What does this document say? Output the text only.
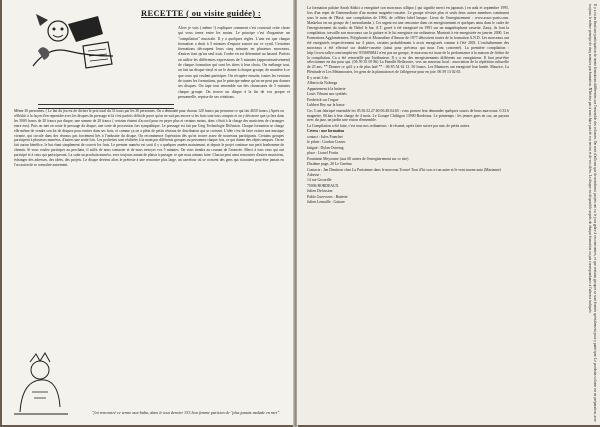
RECETTE ( ou visite guidée) :
Alors je vais ( même !) expliquer comment c'est construit cette chose qui vous tenez entre les mains. Le principe c'est d'organiser un "compilation" musicale. Il y a quelques règles. L'une est que chaque formation a droit à 5 minutes d'espace sonore sur ce vynil. Certaines formations découpent leurs cinq minutes en plusieurs morceaux, d'autres font qu'un seul trait, l'ordre en est déterminé au hasard. Parfois on utilise les différentes expressions de 5 minutes (approximativement) de chaque formation qui sont les titres à leur choix. On mélange tout, on fait un disque vinyl et on le donne à chaque groupe, de manière à ce que ceux qui veulent participer. On récupère ensuite, toutes les versions de toutes les formations, par le principe même qu'on ne peut pas donner ses disques. On tape tout ensemble sur des chaussures de 5 minutes chaque groupe. On trouve un disque à la fin de vos propre et personnelle, reprise de ses créations.
Même 30 personnes. ( Le but du jeu est de diviser le prix total du 33 tours par les 30 personnes. On a demandé pour chacun 120 francs par personne ce qui fait 4650 francs.) Après on réfléchit à la façon d'en reprendre avec les disques du pressage et là c'est parfois difficile parce qu'on ne sait pas encore si les frais sont tous compris et on y découvre que ça fera dans les 5000 francs de 20 francs par disque, une somme de 20 francs ( certains étaient d'accord pour en payer plus et certains moins, donc c'était à la charge des musiciens de s'arranger entre eux). Puis on met en route le pressage du disque, une sorte de procession fort sympathique. Le pressage est fait par Gerg Technologie Diffusion. Chaque formation se charge elle-même de vendre son lot de disques pour rentrer dans ses frais, et comme ça on a plein de petits réseaux de distribution qui se croisent. L'idée c'est de faire exister une musique vivante, qui circule dans des réseaux pas forcément liés à l'industrie du disque. On recommence l'opération dès qu'on trouve assez de nouveaux participants. Certains groupes participent à plusieurs numéros, d'autres une seule fois. Les pochettes sont réalisées à la main par différents groupes ou personnes chaque fois, ce qui donne des objets uniques. On ne fait aucun bénéfice, le but étant simplement de couvrir les frais. Le premier numéro est sorti il y a quelques années maintenant, et depuis le projet continue son petit bonhomme de chemin. Si vous voulez participer au prochain, il suffit de nous contacter et de nous envoyer vos 5 minutes. On vous tiendra au courant de l'avancée. Merci à tous ceux qui ont participé et à ceux qui participeront. La suite au prochain numéro, avec toujours autant de plaisir à partager ce que nous aimons faire. Chacun peut ainsi rencontrer d'autres musiciens, échanger des adresses, des idées, des projets. Le disque devient alors le prétexte à une rencontre plus large, un carrefour où se croisent des gens qui n'auraient peut-être jamais eu l'occasion de se connaître autrement.
"j'ai rencontré ce terme aux-baba, dans le tout dernier 333 bon femme parisien de "plus jamais malade en mer".

La formation palaise Sarah Addict a enregistré son morceaux sillipro ( qui signifie merci en japonais ) en août et septembre 1995, lors d'un repet de l'intermediaire d'un moteur magnéto-cassette. Le groupe n'existe plus et seuls deux autres membres continuent sous le nom de l'Hasé, une compilation de 1996, de célèbre label basque. Lieux de l'enregistrement : www.assoc-paris.com. Maskebar est un groupe de ( mesonlamba ). Cet argent est une rencontre dans cet enregistrement et quelques amis dans le cadre de l'enregistrement du studio de l'hôtel le bar. A.T. gravé à été enregistré en 1991 sur un magnétophone cassette. Zasty, ils font la compilation, travaille son morceaux sur la guitare et le lui enregistre sur ordinateur. Montrait à ete enregistrée en janvier 2000. Les Formations Agglomérantes, Polyphonie et Mousseline d'Amour de 1977 détoscient toutes de la formation A.N.D. Les morceaux ont été enregistrés respectivement sur 4 pistes, certains probablement à avoir enregistrés comme à l'été 2001. L'enchaînement des morceaux a été effectué sur double-cassette (ainsi pour précieux qui nous l'ont concerné). La première compilation : http://www.rallye.com/amphi-tes/ 0556856841 n'est pas un groupe, le morceau est issue de la performance à la maison de fichier de la compilation. Ca a été retravaillé par l'ordinateur. Il y a eu des enregistrements différents sur enregistreur. Il faut peut-être sélectionner en dur pour qui. (06 59 35 05 86) La Famille Bellavoire, vers un nouveau local : association de la répétition culturelle de 25 ans. ** Donner ce qu'il y a de plus laid ** : 06 85 54 62 13. 50 francs. Les Mantores ont enregistré leur bande. Maurice, La Plénitude et Les Métamorates, les gens de la plantation et de l'allégresse pour en joie. 06 59 13 02 65.

Il y avait 3 de :

Alberto da Nobrega

Appartement à la batterie

Louis Vibrant aux synthés

Frederick sur l'orgue

Lubbert Bey sur la basse

Ces 5 ont fabriqué ensemble les 05.56.52.27.60 06.48.04.60 : vous pouvez leur demander quelques soucis de bons morceaux. 0.33.6 magnette, 06.bas à leur charge de 4 mois. Le Groupe Chiftigon 13900 Bordeaux. Le printemps : les jeunes gens en cas, un paysan avec du jazz, un jardin une vision d'ensemble.

La Compilation a été faite, c'est tous nos ordinateurs : le résumé, après faire suivre par une, de petits autres.

Cetera : une formation

contact : Jules Franchet

le pilote : Gordon Gosser

fatigué : Dylan Ostertag

place : Lionel Fortin

Fountaine Meyronne (aux 60 autres de l'enregistrement sur ce site)

Dixième page, 20 Le Cinéma

Contacts : Jen Dimitron chez La Parisienne dans le morceau Trouvé Tout d'Ici son cri un autre et le vent tourne auto (Marianne)

Adresse :

14 rue Groseille

75006 BORDEAUX

Julien Defossion

Pablo Guervoses : Batterie

Julien Lemaille : Guitare	Il y a eu au final une participation de trente formations différentes sur l'ensemble des volumes. On note d'ailleurs que de nombreux projets ont vu le jour grâce à ces rencontres, et que certains groupes se sont formés spécialement pour y participer. Le prochain volume est en préparation, avec toujours le même principe de cinq minutes par formation. N'hésitez pas à nous faire part de vos envies et de vos idées. Le disque est disponible auprès de chaque formation ou par correspondance à l'adresse indiquée.
